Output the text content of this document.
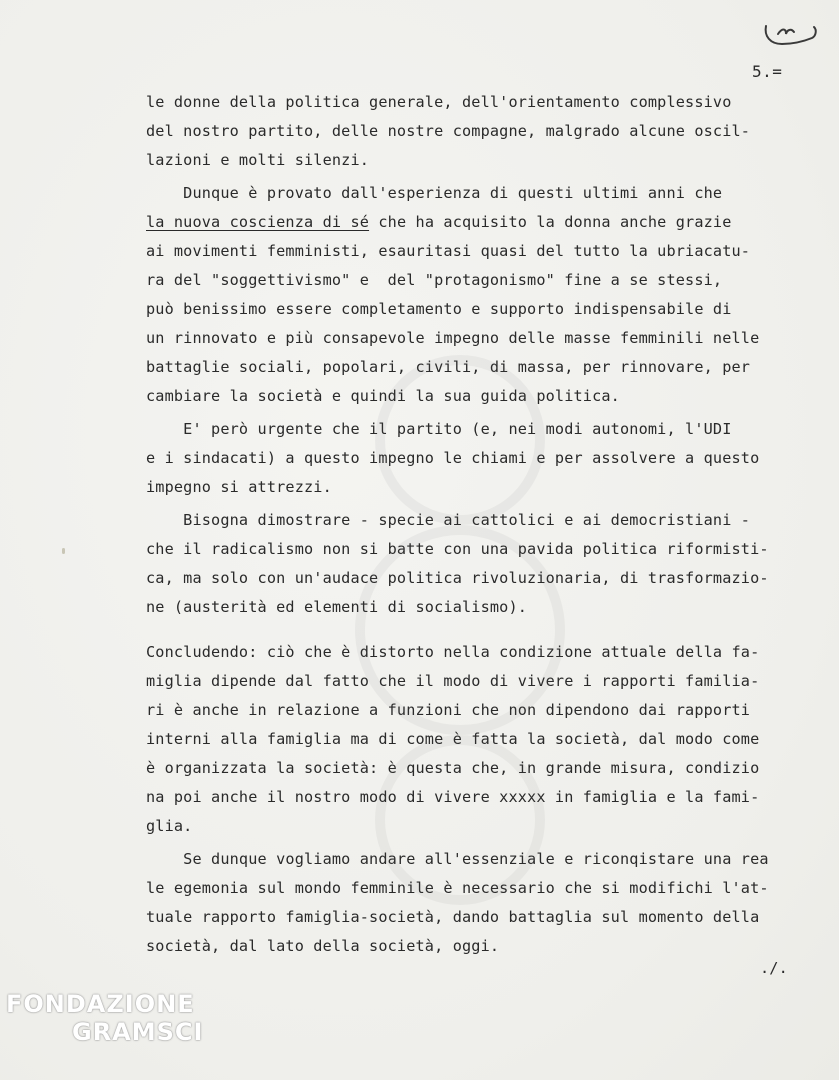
5.=
le donne della politica generale, dell'orientamento complessivo
del nostro partito, delle nostre compagne, malgrado alcune oscil-
lazioni e molti silenzi.
Dunque è provato dall'esperienza di questi ultimi anni che
la nuova coscienza di sé che ha acquisito la donna anche grazie
ai movimenti femministi, esauritasi quasi del tutto la ubriacatu-
ra del "soggettivismo" e  del "protagonismo" fine a se stessi,
può benissimo essere completamento e supporto indispensabile di
un rinnovato e più consapevole impegno delle masse femminili nelle
battaglie sociali, popolari, civili, di massa, per rinnovare, per
cambiare la società e quindi la sua guida politica.
E' però urgente che il partito (e, nei modi autonomi, l'UDI
e i sindacati) a questo impegno le chiami e per assolvere a questo
impegno si attrezzi.
Bisogna dimostrare - specie ai cattolici e ai democristiani -
che il radicalismo non si batte con una pavida politica riformisti-
ca, ma solo con un'audace politica rivoluzionaria, di trasformazio-
ne (austerità ed elementi di socialismo).
Concludendo: ciò che è distorto nella condizione attuale della fa-
miglia dipende dal fatto che il modo di vivere i rapporti familia-
ri è anche in relazione a funzioni che non dipendono dai rapporti
interni alla famiglia ma di come è fatta la società, dal modo come
è organizzata la società: è questa che, in grande misura, condizio
na poi anche il nostro modo di vivere xxxxx in famiglia e la fami-
glia.
Se dunque vogliamo andare all'essenziale e riconqistare una rea
le egemonia sul mondo femminile è necessario che si modifichi l'at-
tuale rapporto famiglia-società, dando battaglia sul momento della
società, dal lato della società, oggi.
./.
FONDAZIONE
GRAMSCI
